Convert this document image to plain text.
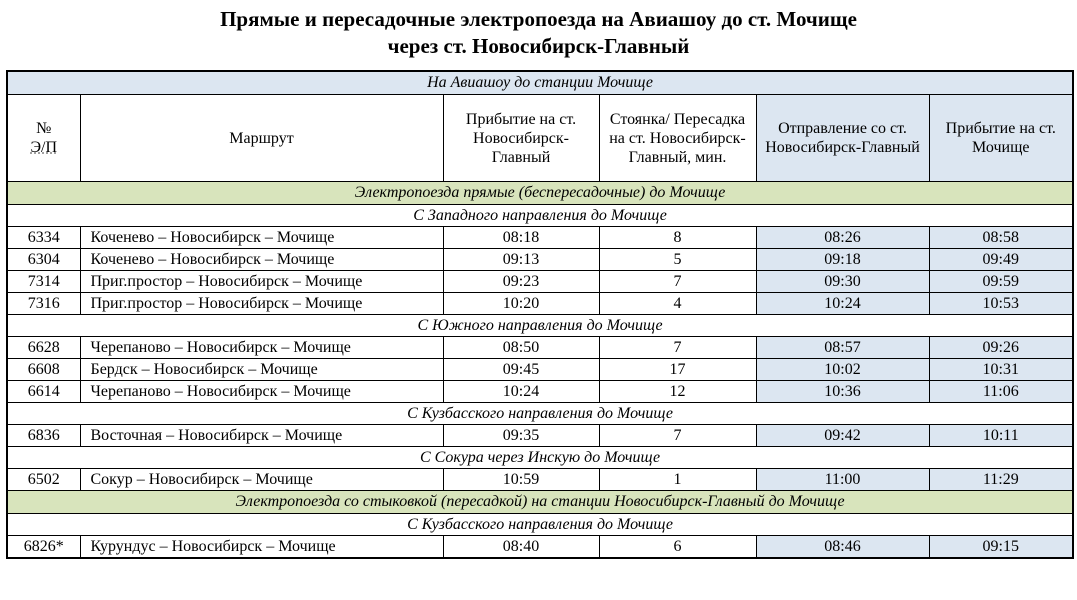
Прямые и пересадочные электропоезда на Авиашоу до ст. Мочище
через ст. Новосибирск-Главный
На Авиашоу до станции Мочище					

№
Э/П	Маршрут	Прибытие на ст. Новосибирск-Главный	Стоянка/ Пересадка на ст. Новосибирск-Главный, мин.	Отправление со ст. Новосибирск-Главный	Прибытие на ст. Мочище
Электропоезда прямые (беспересадочные) до Мочище					
С Западного направления до Мочище					
6334	Коченево – Новосибирск – Мочище	08:18	8	08:26	08:58
6304	Коченево – Новосибирск – Мочище	09:13	5	09:18	09:49
7314	Приг.простор – Новосибирск – Мочище	09:23	7	09:30	09:59
7316	Приг.простор – Новосибирск – Мочище	10:20	4	10:24	10:53
С Южного направления до Мочище					
6628	Черепаново – Новосибирск – Мочище	08:50	7	08:57	09:26
6608	Бердск – Новосибирск – Мочище	09:45	17	10:02	10:31
6614	Черепаново – Новосибирск – Мочище	10:24	12	10:36	11:06
С Кузбасского направления до Мочище					
6836	Восточная – Новосибирск – Мочище	09:35	7	09:42	10:11
С Сокура через Инскую до Мочище					
6502	Сокур – Новосибирск – Мочище	10:59	1	11:00	11:29
Электропоезда со стыковкой (пересадкой) на станции Новосибирск-Главный до Мочище					
С Кузбасского направления до Мочище					
6826*	Курундус – Новосибирск – Мочище	08:40	6	08:46	09:15
